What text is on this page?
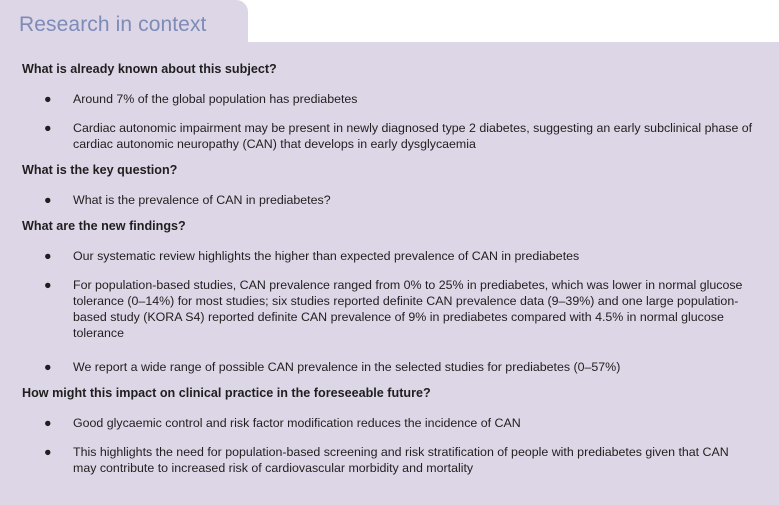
Research in context
What is already known about this subject?
● Around 7% of the global population has prediabetes
● Cardiac autonomic impairment may be present in newly diagnosed type 2 diabetes, suggesting an early subclinical phase of cardiac autonomic neuropathy (CAN) that develops in early dysglycaemia
What is the key question?
● What is the prevalence of CAN in prediabetes?
What are the new findings?
● Our systematic review highlights the higher than expected prevalence of CAN in prediabetes
● For population-based studies, CAN prevalence ranged from 0% to 25% in prediabetes, which was lower in normal glucose tolerance (0–14%) for most studies; six studies reported definite CAN prevalence data (9–39%) and one large population-based study (KORA S4) reported definite CAN prevalence of 9% in prediabetes compared with 4.5% in normal glucose tolerance
● We report a wide range of possible CAN prevalence in the selected studies for prediabetes (0–57%)
How might this impact on clinical practice in the foreseeable future?
● Good glycaemic control and risk factor modification reduces the incidence of CAN
● This highlights the need for population-based screening and risk stratification of people with prediabetes given that CAN may contribute to increased risk of cardiovascular morbidity and mortality
